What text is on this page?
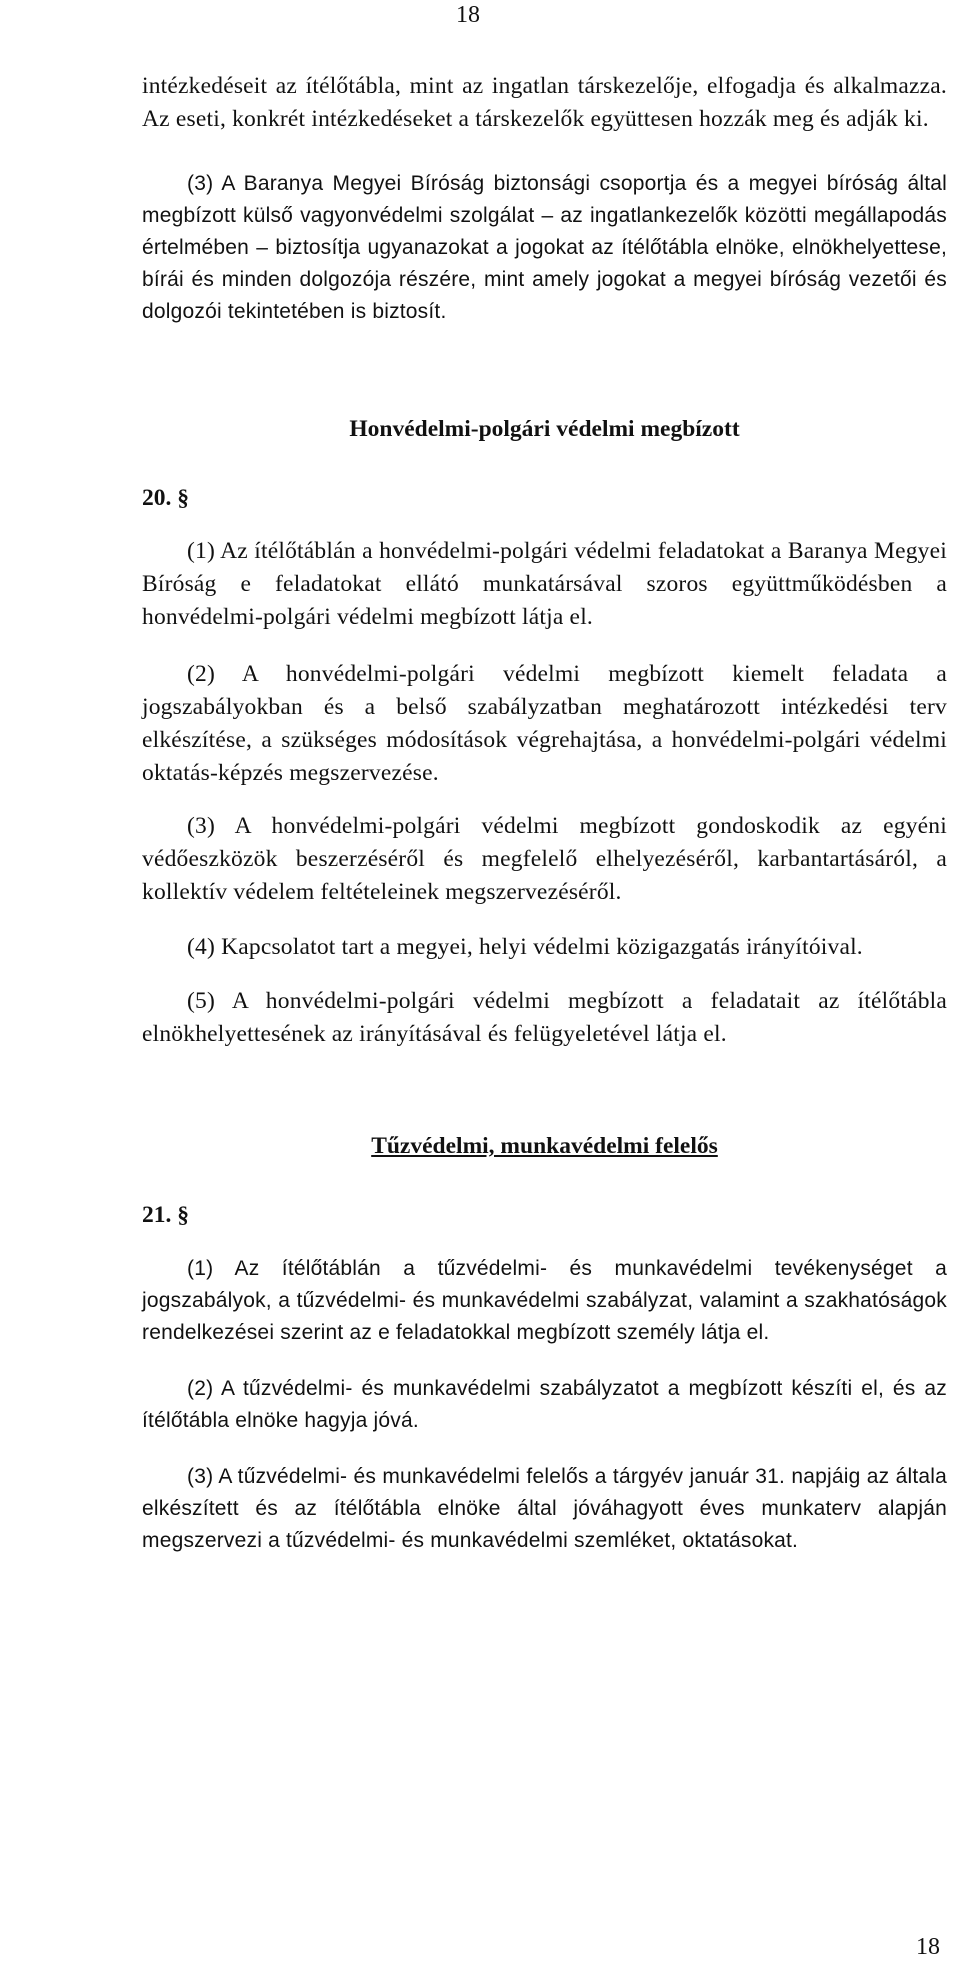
18

intézkedéseit az ítélőtábla, mint az ingatlan társkezelője, elfogadja és alkalmazza. Az eseti, konkrét intézkedéseket a társkezelők együttesen hozzák meg és adják ki.

(3) A Baranya Megyei Bíróság biztonsági csoportja és a megyei bíróság által megbízott külső vagyonvédelmi szolgálat – az ingatlankezelők közötti megállapodás értelmében – biztosítja ugyanazokat a jogokat az ítélőtábla elnöke, elnökhelyettese, bírái és minden dolgozója részére, mint amely jogokat a megyei bíróság vezetői és dolgozói tekintetében is biztosít.

Honvédelmi-polgári védelmi megbízott
20. §

(1) Az ítélőtáblán a honvédelmi-polgári védelmi feladatokat a Baranya Megyei Bíróság e feladatokat ellátó munkatársával szoros együttműködésben a honvédelmi-polgári védelmi megbízott látja el.

(2) A honvédelmi-polgári védelmi megbízott kiemelt feladata a jogszabályokban és a belső szabályzatban meghatározott intézkedési terv elkészítése, a szükséges módosítások végrehajtása, a honvédelmi-polgári védelmi oktatás-képzés megszervezése.

(3) A honvédelmi-polgári védelmi megbízott gondoskodik az egyéni védőeszközök beszerzéséről és megfelelő elhelyezéséről, karbantartásáról, a kollektív védelem feltételeinek megszervezéséről.

(4) Kapcsolatot tart a megyei, helyi védelmi közigazgatás irányítóival.

(5) A honvédelmi-polgári védelmi megbízott a feladatait az ítélőtábla elnökhelyettesének az irányításával és felügyeletével látja el.

Tűzvédelmi, munkavédelmi felelős
21. §

(1) Az ítélőtáblán a tűzvédelmi- és munkavédelmi tevékenységet a jogszabályok, a tűzvédelmi- és munkavédelmi szabályzat, valamint a szakhatóságok rendelkezései szerint az e feladatokkal megbízott személy látja el.

(2) A tűzvédelmi- és munkavédelmi szabályzatot a megbízott készíti el, és az ítélőtábla elnöke hagyja jóvá.

(3) A tűzvédelmi- és munkavédelmi felelős a tárgyév január 31. napjáig az általa elkészített és az ítélőtábla elnöke által jóváhagyott éves munkaterv alapján megszervezi a tűzvédelmi- és munkavédelmi szemléket, oktatásokat.

18
